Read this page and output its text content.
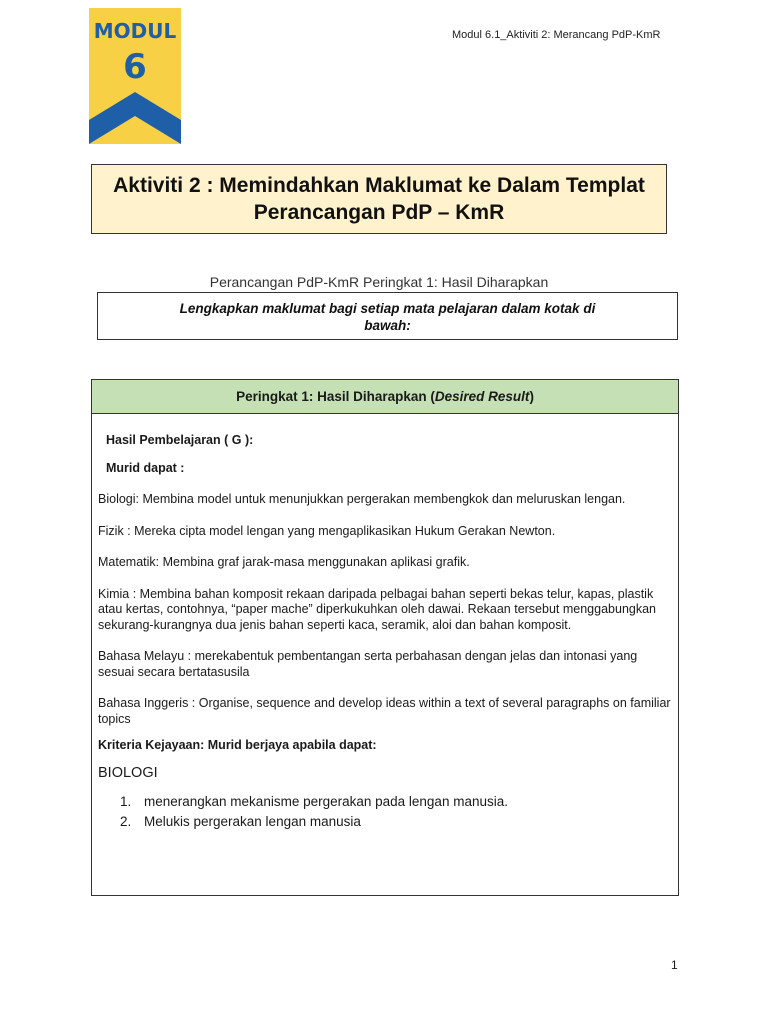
MODUL
6
Modul 6.1_Aktiviti 2: Merancang PdP-KmR
Aktiviti 2 : Memindahkan Maklumat ke Dalam Templat
Perancangan PdP – KmR
Perancangan PdP-KmR Peringkat 1: Hasil Diharapkan
Lengkapkan maklumat bagi setiap mata pelajaran dalam kotak di
bawah:
Peringkat 1: Hasil Diharapkan (Desired Result)

Hasil Pembelajaran ( G ):

Murid dapat :

Biologi: Membina model untuk menunjukkan pergerakan membengkok dan meluruskan lengan.

Fizik : Mereka cipta model lengan yang mengaplikasikan Hukum Gerakan Newton.

Matematik: Membina graf jarak-masa menggunakan aplikasi grafik.

Kimia : Membina bahan komposit rekaan daripada pelbagai bahan seperti bekas telur, kapas, plastik atau kertas, contohnya, “paper mache” diperkukuhkan oleh dawai. Rekaan tersebut menggabungkan sekurang-kurangnya dua jenis bahan seperti kaca, seramik, aloi dan bahan komposit.

Bahasa Melayu : merekabentuk pembentangan serta perbahasan dengan jelas dan intonasi yang sesuai secara bertatasusila

Bahasa Inggeris : Organise, sequence and develop ideas within a text of several paragraphs on familiar topics

Kriteria Kejayaan: Murid berjaya apabila dapat:

BIOLOGI

1. menerangkan mekanisme pergerakan pada lengan manusia.
2. Melukis pergerakan lengan manusia
1
